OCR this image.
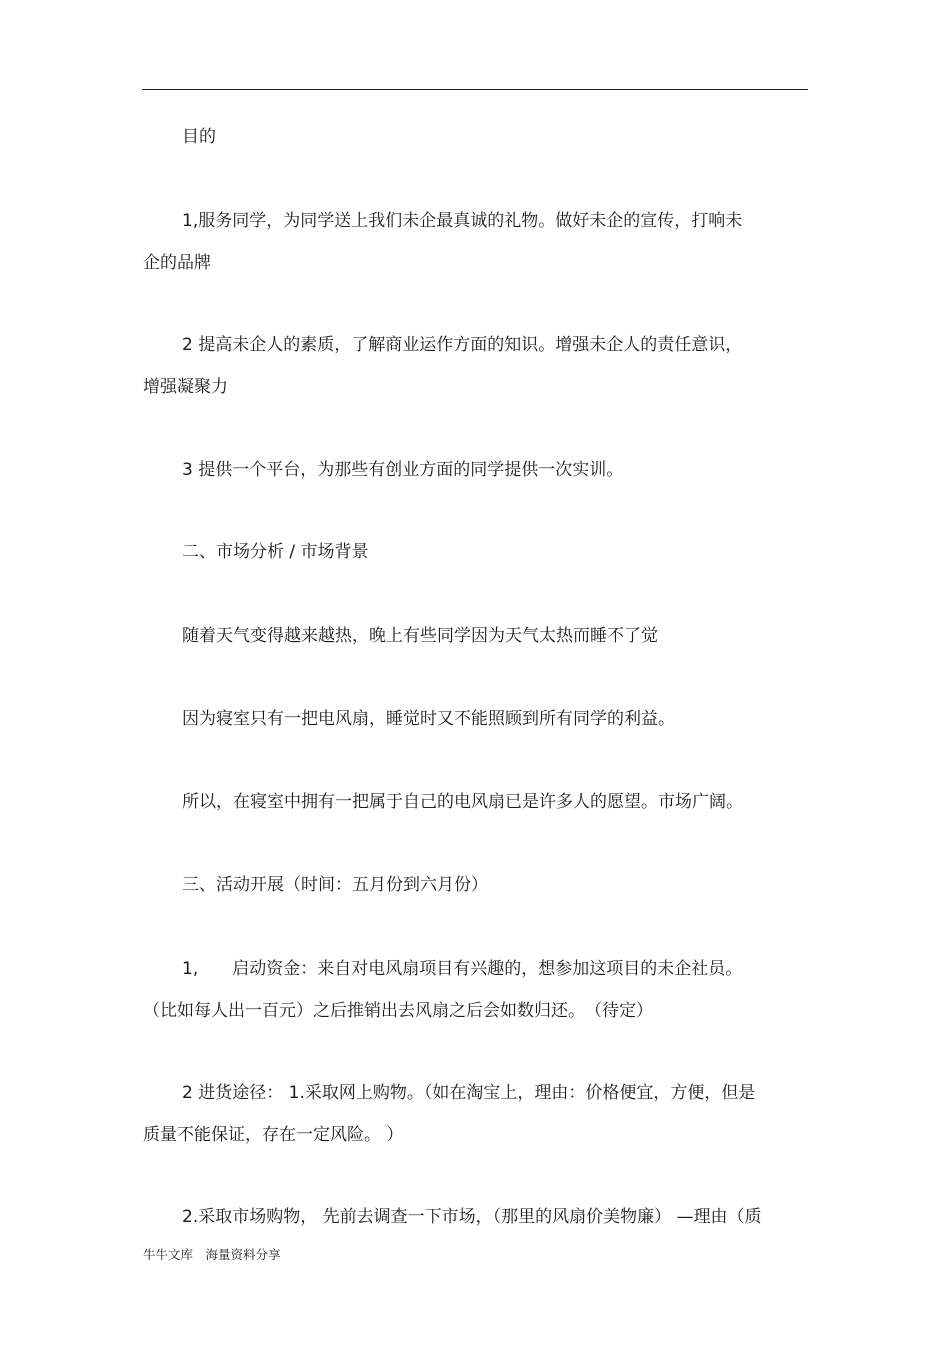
目的
1,服务同学，为同学送上我们未企最真诚的礼物。做好未企的宣传，打响未
企的品牌
2 提高未企人的素质，了解商业运作方面的知识。增强未企人的责任意识，
增强凝聚力
3 提供一个平台，为那些有创业方面的同学提供一次实训。
二、市场分析 / 市场背景
随着天气变得越来越热，晚上有些同学因为天气太热而睡不了觉
因为寝室只有一把电风扇，睡觉时又不能照顾到所有同学的利益。
所以，在寝室中拥有一把属于自己的电风扇已是许多人的愿望。市场广阔。
三、活动开展（时间：五月份到六月份）
1,　　启动资金：来自对电风扇项目有兴趣的，想参加这项目的未企社员。
（比如每人出一百元）之后推销出去风扇之后会如数归还。　（待定）
2 进货途径： 1.采取网上购物。（如在淘宝上，理由：价格便宜，方便，但是
质量不能保证，存在一定风险。 ）
2.采取市场购物， 先前去调查一下市场，（那里的风扇价美物廉） —理由（质
牛牛文库　海量资料分享
